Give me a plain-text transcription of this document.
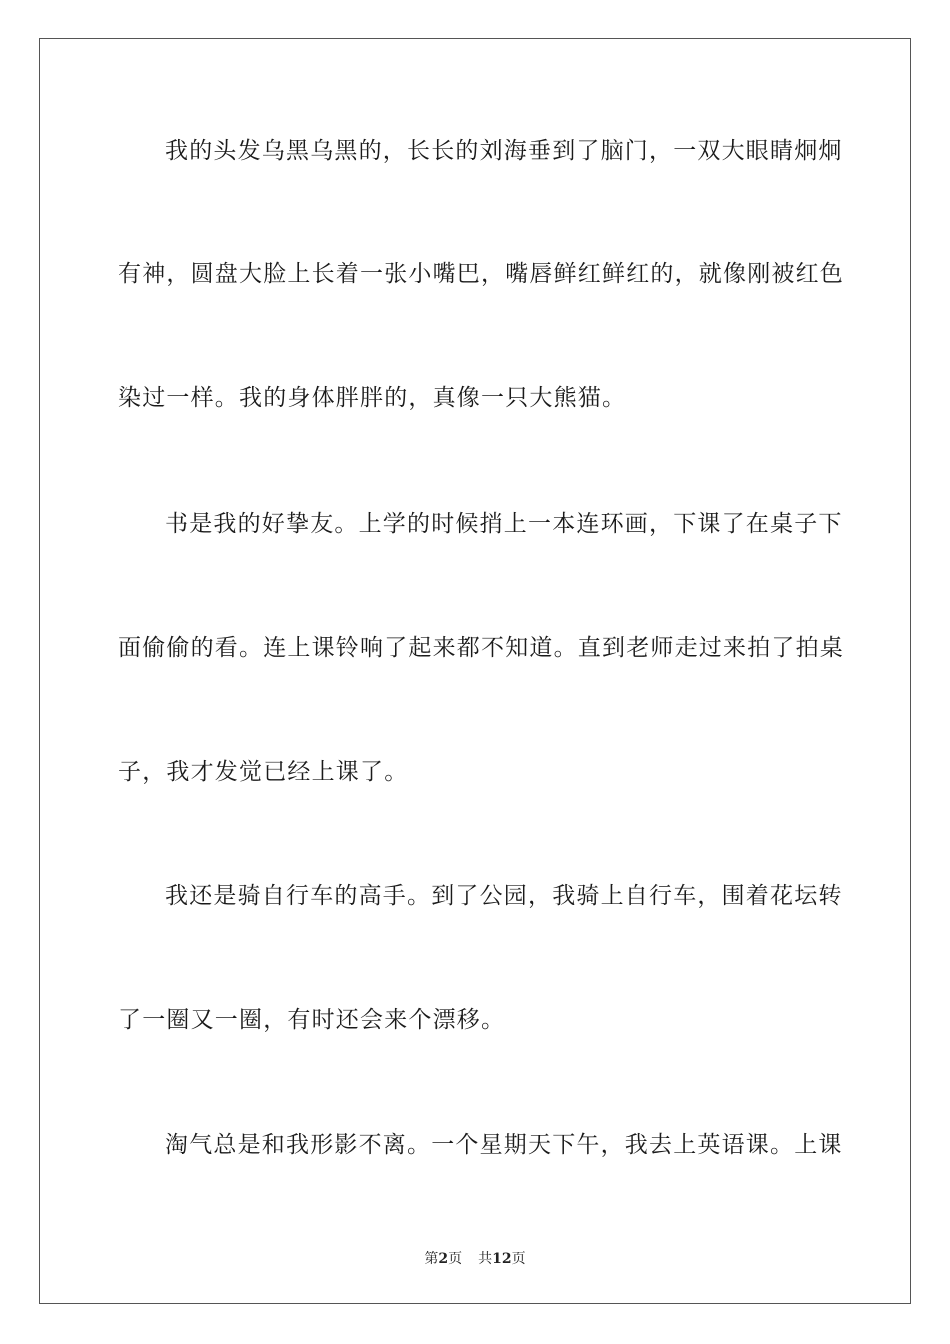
我的头发乌黑乌黑的，长长的刘海垂到了脑门，一双大眼睛炯炯
有神，圆盘大脸上长着一张小嘴巴，嘴唇鲜红鲜红的，就像刚被红色
染过一样。我的身体胖胖的，真像一只大熊猫。
书是我的好挚友。上学的时候捎上一本连环画，下课了在桌子下
面偷偷的看。连上课铃响了起来都不知道。直到老师走过来拍了拍桌
子，我才发觉已经上课了。
我还是骑自行车的高手。到了公园，我骑上自行车，围着花坛转
了一圈又一圈，有时还会来个漂移。
淘气总是和我形影不离。一个星期天下午，我去上英语课。上课
第2页 共12页
